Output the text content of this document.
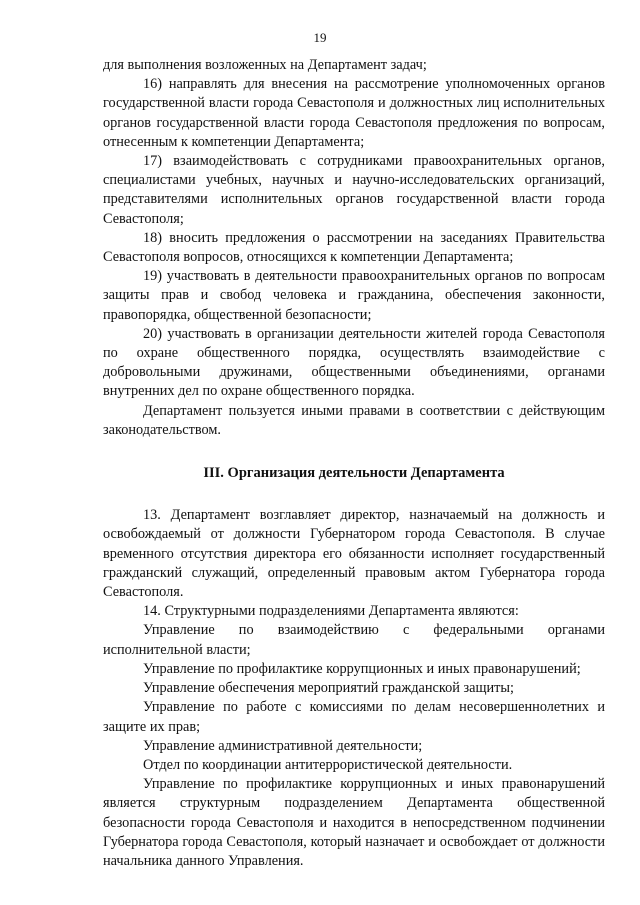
19

для выполнения возложенных на Департамент задач;

16) направлять для внесения на рассмотрение уполномоченных органов государственной власти города Севастополя и должностных лиц исполнительных органов государственной власти города Севастополя предложения по вопросам, отнесенным к компетенции Департамента;

17) взаимодействовать с сотрудниками правоохранительных органов, специалистами учебных, научных и научно-исследовательских организаций, представителями исполнительных органов государственной власти города Севастополя;

18) вносить предложения о рассмотрении на заседаниях Правительства Севастополя вопросов, относящихся к компетенции Департамента;

19) участвовать в деятельности правоохранительных органов по вопросам защиты прав и свобод человека и гражданина, обеспечения законности, правопорядка, общественной безопасности;

20) участвовать в организации деятельности жителей города Севастополя по охране общественного порядка, осуществлять взаимодействие с добровольными дружинами, общественными объединениями, органами внутренних дел по охране общественного порядка.

Департамент пользуется иными правами в соответствии с действующим законодательством.

III. Организация деятельности Департамента

13. Департамент возглавляет директор, назначаемый на должность и освобождаемый от должности Губернатором города Севастополя. В случае временного отсутствия директора его обязанности исполняет государственный гражданский служащий, определенный правовым актом Губернатора города Севастополя.

14. Структурными подразделениями Департамента являются:

Управление по взаимодействию с федеральными органами исполнительной власти;

Управление по профилактике коррупционных и иных правонарушений;

Управление обеспечения мероприятий гражданской защиты;

Управление по работе с комиссиями по делам несовершеннолетних и защите их прав;

Управление административной деятельности;

Отдел по координации антитеррористической деятельности.

Управление по профилактике коррупционных и иных правонарушений является структурным подразделением Департамента общественной безопасности города Севастополя и находится в непосредственном подчинении Губернатора города Севастополя, который назначает и освобождает от должности начальника данного Управления.
